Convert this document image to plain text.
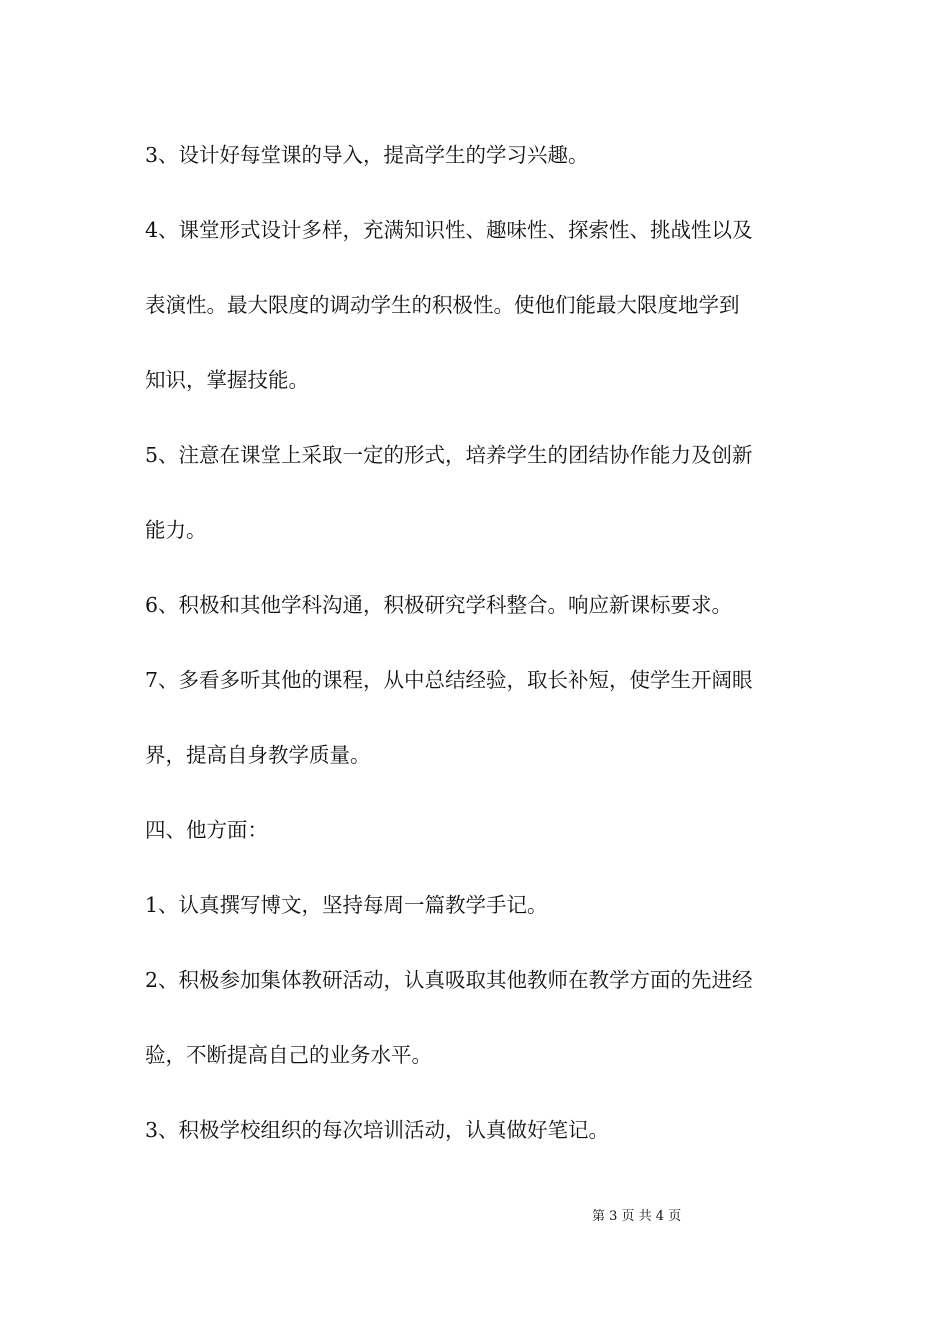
3、设计好每堂课的导入，提高学生的学习兴趣。
4、课堂形式设计多样，充满知识性、趣味性、探索性、挑战性以及
表演性。最大限度的调动学生的积极性。使他们能最大限度地学到
知识，掌握技能。
5、注意在课堂上采取一定的形式，培养学生的团结协作能力及创新
能力。
6、积极和其他学科沟通，积极研究学科整合。响应新课标要求。
7、多看多听其他的课程，从中总结经验，取长补短，使学生开阔眼
界，提高自身教学质量。
四、他方面：
1、认真撰写博文，坚持每周一篇教学手记。
2、积极参加集体教研活动，认真吸取其他教师在教学方面的先进经
验，不断提高自己的业务水平。
3、积极学校组织的每次培训活动，认真做好笔记。
第 3 页 共 4 页
